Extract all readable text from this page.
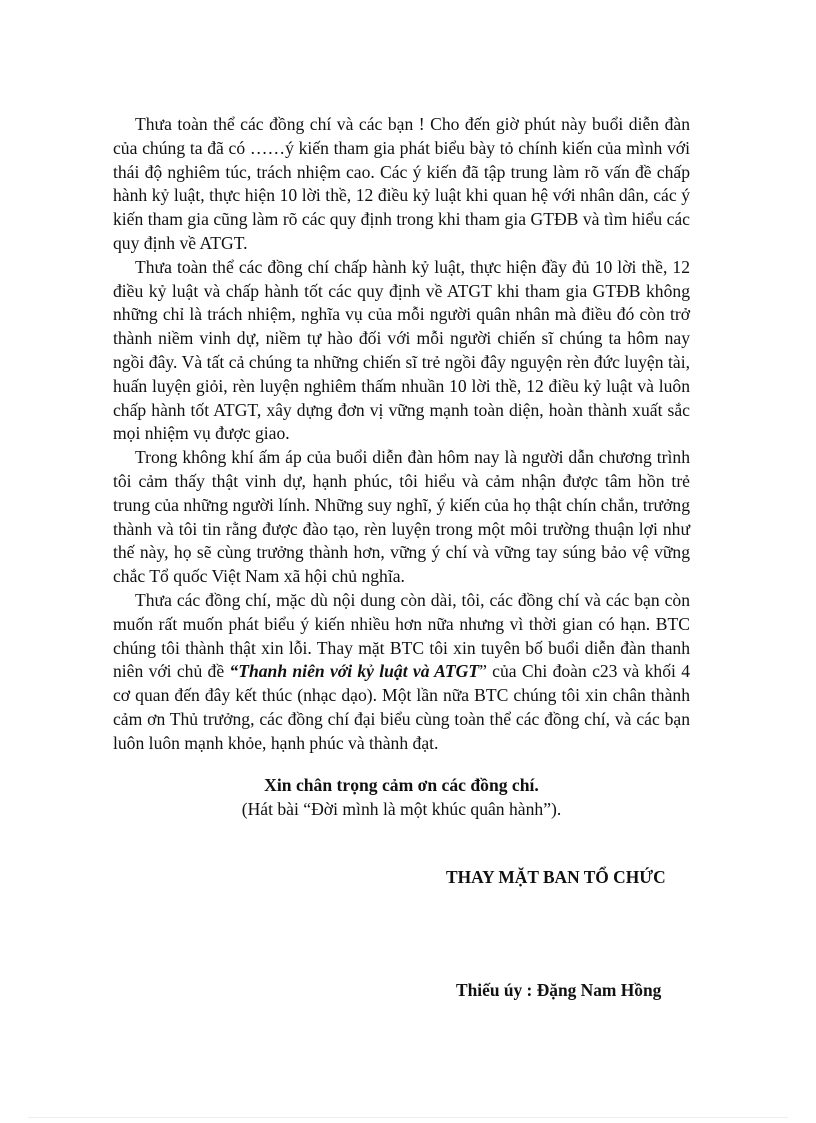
Thưa toàn thể các đồng chí và các bạn ! Cho đến giờ phút này buổi diễn đàn của chúng ta đã có ……ý kiến tham gia phát biểu bày tỏ chính kiến của mình với thái độ nghiêm túc, trách nhiệm cao. Các ý kiến đã tập trung làm rõ vấn đề chấp hành kỷ luật, thực hiện 10 lời thề, 12 điều kỷ luật khi quan hệ với nhân dân, các ý kiến tham gia cũng làm rõ các quy định trong khi tham gia GTĐB và tìm hiểu các quy định về ATGT.

Thưa toàn thể các đồng chí chấp hành kỷ luật, thực hiện đầy đủ 10 lời thề, 12 điều kỷ luật và chấp hành tốt các quy định về ATGT khi tham gia GTĐB không những chỉ là trách nhiệm, nghĩa vụ của mỗi người quân nhân mà điều đó còn trở thành niềm vinh dự, niềm tự hào đối với mỗi người chiến sĩ chúng ta hôm nay ngồi đây. Và tất cả chúng ta những chiến sĩ trẻ ngồi đây nguyện rèn đức luyện tài, huấn luyện giỏi, rèn luyện nghiêm thấm nhuần 10 lời thề, 12 điều kỷ luật và luôn chấp hành tốt ATGT, xây dựng đơn vị vững mạnh toàn diện, hoàn thành xuất sắc mọi nhiệm vụ được giao.

Trong không khí ấm áp của buổi diễn đàn hôm nay là người dẫn chương trình tôi cảm thấy thật vinh dự, hạnh phúc, tôi hiểu và cảm nhận được tâm hồn trẻ trung của những người lính. Những suy nghĩ, ý kiến của họ thật chín chắn, trưởng thành và tôi tin rằng được đào tạo, rèn luyện trong một môi trường thuận lợi như thế này, họ sẽ cùng trưởng thành hơn, vững ý chí và vững tay súng bảo vệ vững chắc Tổ quốc Việt Nam xã hội chủ nghĩa.

Thưa các đồng chí, mặc dù nội dung còn dài, tôi, các đồng chí và các bạn còn muốn rất muốn phát biểu ý kiến nhiều hơn nữa nhưng vì thời gian có hạn. BTC chúng tôi thành thật xin lỗi. Thay mặt BTC tôi xin tuyên bố buổi diễn đàn thanh niên với chủ đề “Thanh niên với kỷ luật và ATGT” của Chi đoàn c23 và khối 4 cơ quan đến đây kết thúc (nhạc dạo). Một lần nữa BTC chúng tôi xin chân thành cảm ơn Thủ trưởng, các đồng chí đại biểu cùng toàn thể các đồng chí, và các bạn luôn luôn mạnh khỏe, hạnh phúc và thành đạt.

Xin chân trọng cảm ơn các đồng chí.
(Hát bài “Đời mình là một khúc quân hành”).
THAY MẶT BAN TỔ CHỨC
Thiếu úy : Đặng Nam Hồng
